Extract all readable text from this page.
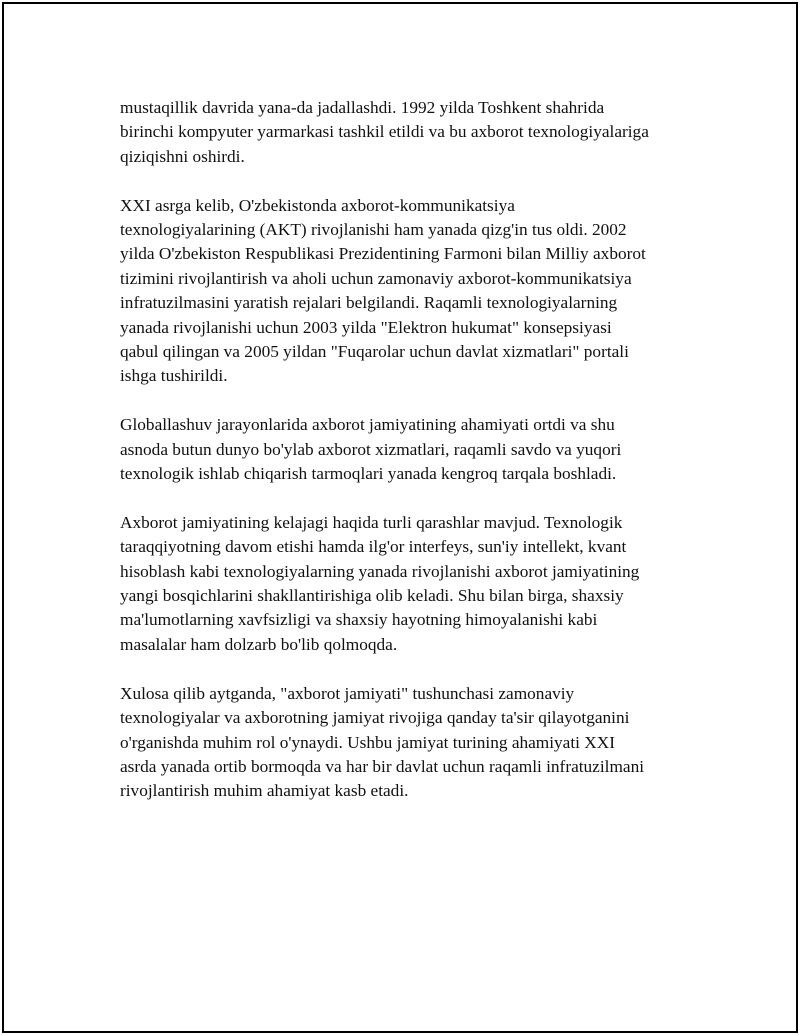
mustaqillik davrida yana-da jadallashdi. 1992 yilda Toshkent shahrida
birinchi kompyuter yarmarkasi tashkil etildi va bu axborot texnologiyalariga
qiziqishni oshirdi.

XXI asrga kelib, O'zbekistonda axborot-kommunikatsiya
texnologiyalarining (AKT) rivojlanishi ham yanada qizg'in tus oldi. 2002
yilda O'zbekiston Respublikasi Prezidentining Farmoni bilan Milliy axborot
tizimini rivojlantirish va aholi uchun zamonaviy axborot-kommunikatsiya
infratuzilmasini yaratish rejalari belgilandi. Raqamli texnologiyalarning
yanada rivojlanishi uchun 2003 yilda "Elektron hukumat" konsepsiyasi
qabul qilingan va 2005 yildan "Fuqarolar uchun davlat xizmatlari" portali
ishga tushirildi.

Globallashuv jarayonlarida axborot jamiyatining ahamiyati ortdi va shu
asnoda butun dunyo bo'ylab axborot xizmatlari, raqamli savdo va yuqori
texnologik ishlab chiqarish tarmoqlari yanada kengroq tarqala boshladi.

Axborot jamiyatining kelajagi haqida turli qarashlar mavjud. Texnologik
taraqqiyotning davom etishi hamda ilg'or interfeys, sun'iy intellekt, kvant
hisoblash kabi texnologiyalarning yanada rivojlanishi axborot jamiyatining
yangi bosqichlarini shakllantirishiga olib keladi. Shu bilan birga, shaxsiy
ma'lumotlarning xavfsizligi va shaxsiy hayotning himoyalanishi kabi
masalalar ham dolzarb bo'lib qolmoqda.

Xulosa qilib aytganda, "axborot jamiyati" tushunchasi zamonaviy
texnologiyalar va axborotning jamiyat rivojiga qanday ta'sir qilayotganini
o'rganishda muhim rol o'ynaydi. Ushbu jamiyat turining ahamiyati XXI
asrda yanada ortib bormoqda va har bir davlat uchun raqamli infratuzilmani
rivojlantirish muhim ahamiyat kasb etadi.
